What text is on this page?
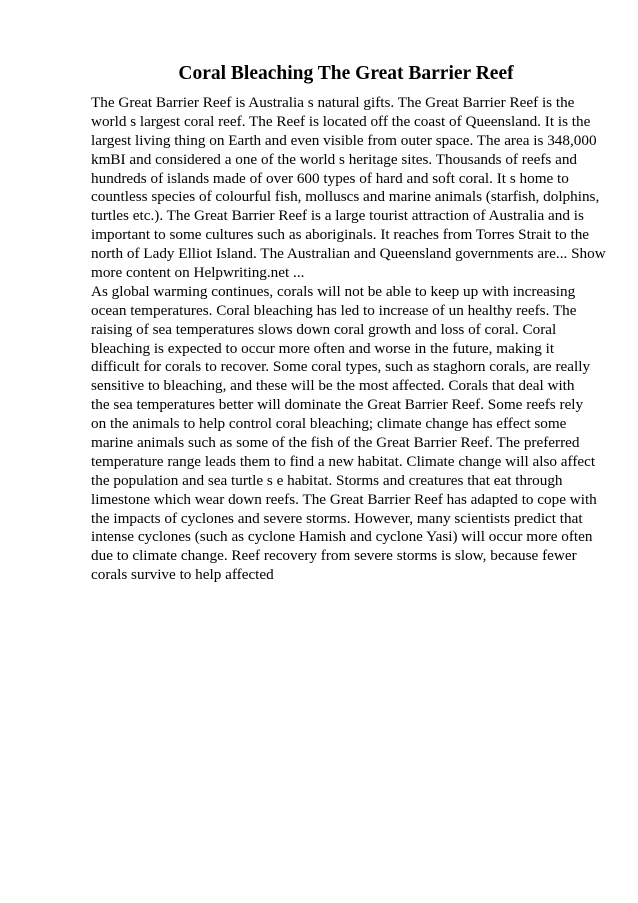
Coral Bleaching The Great Barrier Reef
The Great Barrier Reef is Australia s natural gifts. The Great Barrier Reef is the
world s largest coral reef. The Reef is located off the coast of Queensland. It is the
largest living thing on Earth and even visible from outer space. The area is 348,000
kmBI and considered a one of the world s heritage sites. Thousands of reefs and
hundreds of islands made of over 600 types of hard and soft coral. It s home to
countless species of colourful fish, molluscs and marine animals (starfish, dolphins,
turtles etc.). The Great Barrier Reef is a large tourist attraction of Australia and is
important to some cultures such as aboriginals. It reaches from Torres Strait to the
north of Lady Elliot Island. The Australian and Queensland governments are... Show
more content on Helpwriting.net ...
As global warming continues, corals will not be able to keep up with increasing
ocean temperatures. Coral bleaching has led to increase of un healthy reefs. The
raising of sea temperatures slows down coral growth and loss of coral. Coral
bleaching is expected to occur more often and worse in the future, making it
difficult for corals to recover. Some coral types, such as staghorn corals, are really
sensitive to bleaching, and these will be the most affected. Corals that deal with
the sea temperatures better will dominate the Great Barrier Reef. Some reefs rely
on the animals to help control coral bleaching; climate change has effect some
marine animals such as some of the fish of the Great Barrier Reef. The preferred
temperature range leads them to find a new habitat. Climate change will also affect
the population and sea turtle s e habitat. Storms and creatures that eat through
limestone which wear down reefs. The Great Barrier Reef has adapted to cope with
the impacts of cyclones and severe storms. However, many scientists predict that
intense cyclones (such as cyclone Hamish and cyclone Yasi) will occur more often
due to climate change. Reef recovery from severe storms is slow, because fewer
corals survive to help affected
